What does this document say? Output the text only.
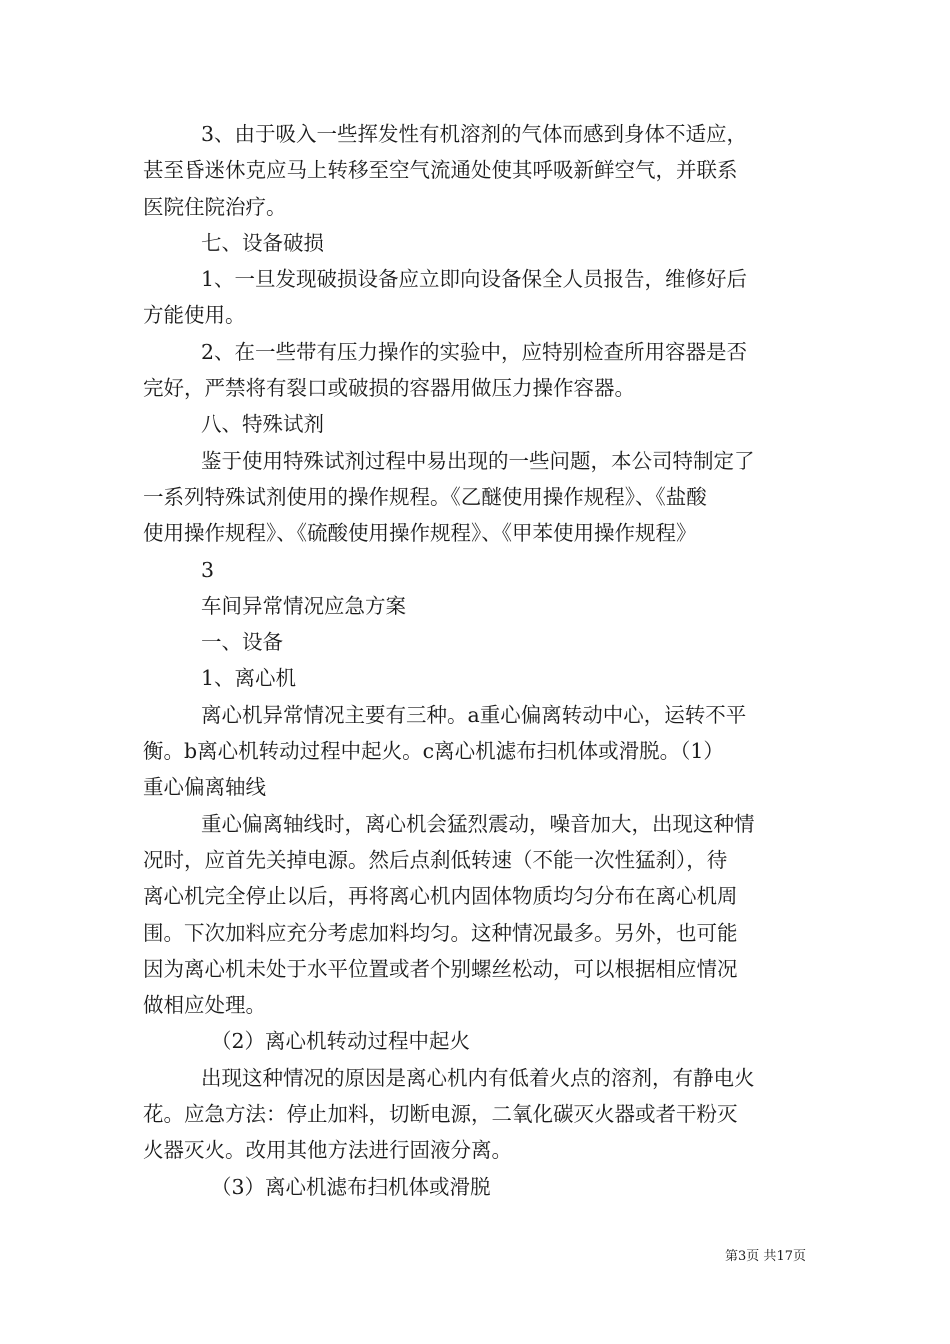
3、由于吸入一些挥发性有机溶剂的气体而感到身体不适应，
甚至昏迷休克应马上转移至空气流通处使其呼吸新鲜空气，并联系
医院住院治疗。
七、设备破损
1、一旦发现破损设备应立即向设备保全人员报告，维修好后
方能使用。
2、在一些带有压力操作的实验中，应特别检查所用容器是否
完好，严禁将有裂口或破损的容器用做压力操作容器。
八、特殊试剂
鉴于使用特殊试剂过程中易出现的一些问题，本公司特制定了
一系列特殊试剂使用的操作规程。《乙醚使用操作规程》、《盐酸
使用操作规程》、《硫酸使用操作规程》、《甲苯使用操作规程》
3
车间异常情况应急方案
一、设备
1、离心机
离心机异常情况主要有三种。a重心偏离转动中心，运转不平
衡。b离心机转动过程中起火。c离心机滤布扫机体或滑脱。（1）
重心偏离轴线
重心偏离轴线时，离心机会猛烈震动，噪音加大，出现这种情
况时，应首先关掉电源。然后点刹低转速（不能一次性猛刹），待
离心机完全停止以后，再将离心机内固体物质均匀分布在离心机周
围。下次加料应充分考虑加料均匀。这种情况最多。另外，也可能
因为离心机未处于水平位置或者个别螺丝松动，可以根据相应情况
做相应处理。
（2）离心机转动过程中起火
出现这种情况的原因是离心机内有低着火点的溶剂，有静电火
花。应急方法：停止加料，切断电源，二氧化碳灭火器或者干粉灭
火器灭火。改用其他方法进行固液分离。
（3）离心机滤布扫机体或滑脱
第3页 共17页
